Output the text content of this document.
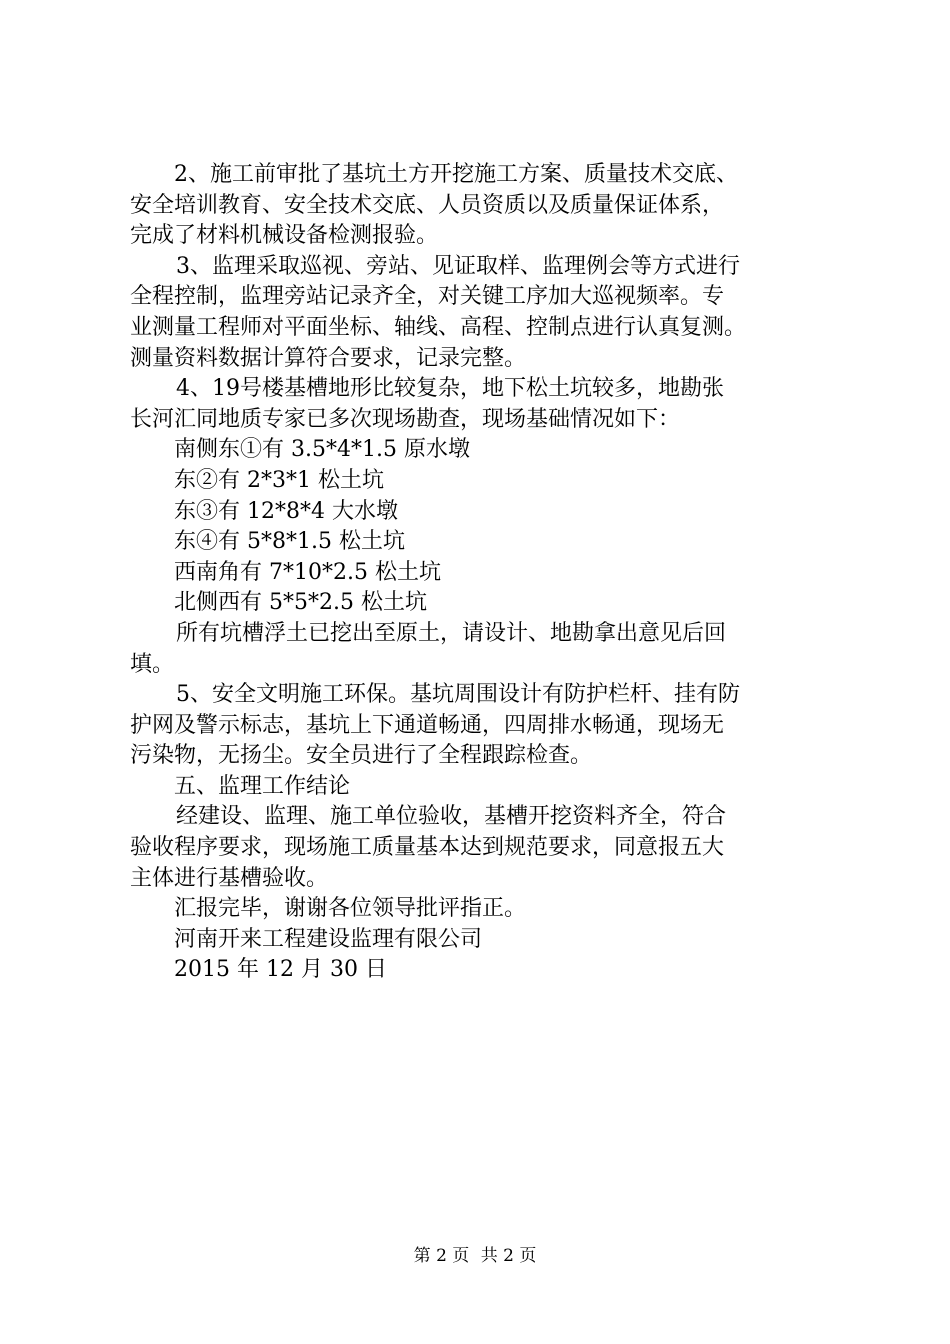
2、施工前审批了基坑土方开挖施工方案、质量技术交底、
安全培训教育、安全技术交底、人员资质以及质量保证体系，
完成了材料机械设备检测报验。

3、监理采取巡视、旁站、见证取样、监理例会等方式进行
全程控制，监理旁站记录齐全，对关键工序加大巡视频率。专
业测量工程师对平面坐标、轴线、高程、控制点进行认真复测。
测量资料数据计算符合要求，记录完整。

4、19号楼基槽地形比较复杂，地下松土坑较多，地勘张
长河汇同地质专家已多次现场勘查，现场基础情况如下：

南侧东①有 3.5*4*1.5 原水墩
东②有 2*3*1 松土坑
东③有 12*8*4 大水墩
东④有 5*8*1.5 松土坑
西南角有 7*10*2.5 松土坑
北侧西有 5*5*2.5 松土坑

所有坑槽浮土已挖出至原土，请设计、地勘拿出意见后回
填。

5、安全文明施工环保。基坑周围设计有防护栏杆、挂有防
护网及警示标志，基坑上下通道畅通，四周排水畅通，现场无
污染物，无扬尘。安全员进行了全程跟踪检查。

五、监理工作结论

经建设、监理、施工单位验收，基槽开挖资料齐全，符合
验收程序要求，现场施工质量基本达到规范要求，同意报五大
主体进行基槽验收。

汇报完毕，谢谢各位领导批评指正。

河南开来工程建设监理有限公司

2015 年 12 月 30 日

第 2 页 共 2 页
